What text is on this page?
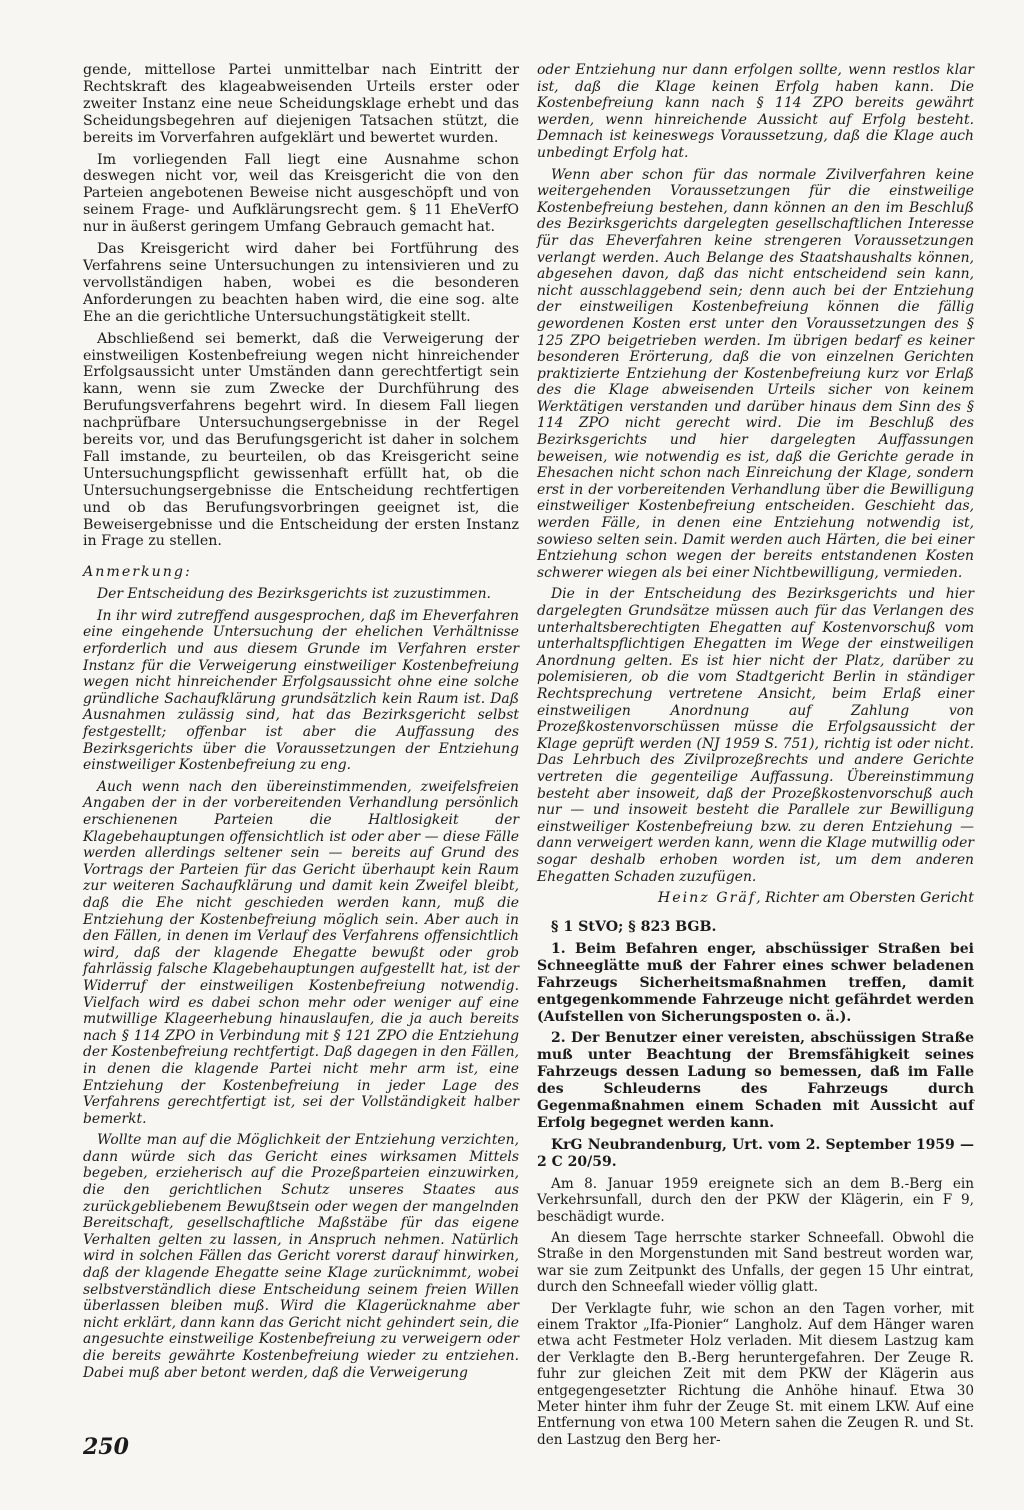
gende, mittellose Partei unmittelbar nach Eintritt der Rechtskraft des klageabweisenden Urteils erster oder zweiter Instanz eine neue Scheidungsklage erhebt und das Scheidungsbegehren auf diejenigen Tatsachen stützt, die bereits im Vorverfahren aufgeklärt und bewertet wurden.

Im vorliegenden Fall liegt eine Ausnahme schon deswegen nicht vor, weil das Kreisgericht die von den Parteien angebotenen Beweise nicht ausgeschöpft und von seinem Frage- und Aufklärungsrecht gem. § 11 EheVerfO nur in äußerst geringem Umfang Gebrauch gemacht hat.

Das Kreisgericht wird daher bei Fortführung des Verfahrens seine Untersuchungen zu intensivieren und zu vervollständigen haben, wobei es die besonderen Anforderungen zu beachten haben wird, die eine sog. alte Ehe an die gerichtliche Untersuchungstätigkeit stellt.

Abschließend sei bemerkt, daß die Verweigerung der einstweiligen Kostenbefreiung wegen nicht hinreichender Erfolgsaussicht unter Umständen dann gerechtfertigt sein kann, wenn sie zum Zwecke der Durchführung des Berufungsverfahrens begehrt wird. In diesem Fall liegen nachprüfbare Untersuchungsergebnisse in der Regel bereits vor, und das Berufungsgericht ist daher in solchem Fall imstande, zu beurteilen, ob das Kreisgericht seine Untersuchungspflicht gewissenhaft erfüllt hat, ob die Untersuchungsergebnisse die Entscheidung rechtfertigen und ob das Berufungsvorbringen geeignet ist, die Beweisergebnisse und die Entscheidung der ersten Instanz in Frage zu stellen.

Anmerkung:

Der Entscheidung des Bezirksgerichts ist zuzustimmen.

In ihr wird zutreffend ausgesprochen, daß im Eheverfahren eine eingehende Untersuchung der ehelichen Verhältnisse erforderlich und aus diesem Grunde im Verfahren erster Instanz für die Verweigerung einstweiliger Kostenbefreiung wegen nicht hinreichender Erfolgsaussicht ohne eine solche gründliche Sachaufklärung grundsätzlich kein Raum ist. Daß Ausnahmen zulässig sind, hat das Bezirksgericht selbst festgestellt; offenbar ist aber die Auffassung des Bezirksgerichts über die Voraussetzungen der Entziehung einstweiliger Kostenbefreiung zu eng.

Auch wenn nach den übereinstimmenden, zweifelsfreien Angaben der in der vorbereitenden Verhandlung persönlich erschienenen Parteien die Haltlosigkeit der Klagebehauptungen offensichtlich ist oder aber — diese Fälle werden allerdings seltener sein — bereits auf Grund des Vortrags der Parteien für das Gericht überhaupt kein Raum zur weiteren Sachaufklärung und damit kein Zweifel bleibt, daß die Ehe nicht geschieden werden kann, muß die Entziehung der Kostenbefreiung möglich sein. Aber auch in den Fällen, in denen im Verlauf des Verfahrens offensichtlich wird, daß der klagende Ehegatte bewußt oder grob fahrlässig falsche Klagebehauptungen aufgestellt hat, ist der Widerruf der einstweiligen Kostenbefreiung notwendig. Vielfach wird es dabei schon mehr oder weniger auf eine mutwillige Klageerhebung hinauslaufen, die ja auch bereits nach § 114 ZPO in Verbindung mit § 121 ZPO die Entziehung der Kostenbefreiung rechtfertigt. Daß dagegen in den Fällen, in denen die klagende Partei nicht mehr arm ist, eine Entziehung der Kostenbefreiung in jeder Lage des Verfahrens gerechtfertigt ist, sei der Vollständigkeit halber bemerkt.

Wollte man auf die Möglichkeit der Entziehung verzichten, dann würde sich das Gericht eines wirksamen Mittels begeben, erzieherisch auf die Prozeßparteien einzuwirken, die den gerichtlichen Schutz unseres Staates aus zurückgebliebenem Bewußtsein oder wegen der mangelnden Bereitschaft, gesellschaftliche Maßstäbe für das eigene Verhalten gelten zu lassen, in Anspruch nehmen. Natürlich wird in solchen Fällen das Gericht vorerst darauf hinwirken, daß der klagende Ehegatte seine Klage zurücknimmt, wobei selbstverständlich diese Entscheidung seinem freien Willen überlassen bleiben muß. Wird die Klagerücknahme aber nicht erklärt, dann kann das Gericht nicht gehindert sein, die angesuchte einstweilige Kostenbefreiung zu verweigern oder die bereits gewährte Kostenbefreiung wieder zu entziehen. Dabei muß aber betont werden, daß die Verweigerung

oder Entziehung nur dann erfolgen sollte, wenn restlos klar ist, daß die Klage keinen Erfolg haben kann. Die Kostenbefreiung kann nach § 114 ZPO bereits gewährt werden, wenn hinreichende Aussicht auf Erfolg besteht. Demnach ist keineswegs Voraussetzung, daß die Klage auch unbedingt Erfolg hat.

Wenn aber schon für das normale Zivilverfahren keine weitergehenden Voraussetzungen für die einstweilige Kostenbefreiung bestehen, dann können an den im Beschluß des Bezirksgerichts dargelegten gesellschaftlichen Interesse für das Eheverfahren keine strengeren Voraussetzungen verlangt werden. Auch Belange des Staatshaushalts können, abgesehen davon, daß das nicht entscheidend sein kann, nicht ausschlaggebend sein; denn auch bei der Entziehung der einstweiligen Kostenbefreiung können die fällig gewordenen Kosten erst unter den Voraussetzungen des § 125 ZPO beigetrieben werden. Im übrigen bedarf es keiner besonderen Erörterung, daß die von einzelnen Gerichten praktizierte Entziehung der Kostenbefreiung kurz vor Erlaß des die Klage abweisenden Urteils sicher von keinem Werktätigen verstanden und darüber hinaus dem Sinn des § 114 ZPO nicht gerecht wird. Die im Beschluß des Bezirksgerichts und hier dargelegten Auffassungen beweisen, wie notwendig es ist, daß die Gerichte gerade in Ehesachen nicht schon nach Einreichung der Klage, sondern erst in der vorbereitenden Verhandlung über die Bewilligung einstweiliger Kostenbefreiung entscheiden. Geschieht das, werden Fälle, in denen eine Entziehung notwendig ist, sowieso selten sein. Damit werden auch Härten, die bei einer Entziehung schon wegen der bereits entstandenen Kosten schwerer wiegen als bei einer Nichtbewilligung, vermieden.

Die in der Entscheidung des Bezirksgerichts und hier dargelegten Grundsätze müssen auch für das Verlangen des unterhaltsberechtigten Ehegatten auf Kostenvorschuß vom unterhaltspflichtigen Ehegatten im Wege der einstweiligen Anordnung gelten. Es ist hier nicht der Platz, darüber zu polemisieren, ob die vom Stadtgericht Berlin in ständiger Rechtsprechung vertretene Ansicht, beim Erlaß einer einstweiligen Anordnung auf Zahlung von Prozeßkostenvorschüssen müsse die Erfolgsaussicht der Klage geprüft werden (NJ 1959 S. 751), richtig ist oder nicht. Das Lehrbuch des Zivilprozeßrechts und andere Gerichte vertreten die gegenteilige Auffassung. Übereinstimmung besteht aber insoweit, daß der Prozeßkostenvorschuß auch nur — und insoweit besteht die Parallele zur Bewilligung einstweiliger Kostenbefreiung bzw. zu deren Entziehung — dann verweigert werden kann, wenn die Klage mutwillig oder sogar deshalb erhoben worden ist, um dem anderen Ehegatten Schaden zuzufügen.

Heinz Gräf, Richter am Obersten Gericht

§ 1 StVO; § 823 BGB.

1. Beim Befahren enger, abschüssiger Straßen bei Schneeglätte muß der Fahrer eines schwer beladenen Fahrzeugs Sicherheitsmaßnahmen treffen, damit entgegenkommende Fahrzeuge nicht gefährdet werden (Aufstellen von Sicherungsposten o. ä.).

2. Der Benutzer einer vereisten, abschüssigen Straße muß unter Beachtung der Bremsfähigkeit seines Fahrzeugs dessen Ladung so bemessen, daß im Falle des Schleuderns des Fahrzeugs durch Gegenmaßnahmen einem Schaden mit Aussicht auf Erfolg begegnet werden kann.

KrG Neubrandenburg, Urt. vom 2. September 1959 — 2 C 20/59.

Am 8. Januar 1959 ereignete sich an dem B.-Berg ein Verkehrsunfall, durch den der PKW der Klägerin, ein F 9, beschädigt wurde.

An diesem Tage herrschte starker Schneefall. Obwohl die Straße in den Morgenstunden mit Sand bestreut worden war, war sie zum Zeitpunkt des Unfalls, der gegen 15 Uhr eintrat, durch den Schneefall wieder völlig glatt.

Der Verklagte fuhr, wie schon an den Tagen vorher, mit einem Traktor „Ifa-Pionier“ Langholz. Auf dem Hänger waren etwa acht Festmeter Holz verladen. Mit diesem Lastzug kam der Verklagte den B.-Berg heruntergefahren. Der Zeuge R. fuhr zur gleichen Zeit mit dem PKW der Klägerin aus entgegengesetzter Richtung die Anhöhe hinauf. Etwa 30 Meter hinter ihm fuhr der Zeuge St. mit einem LKW. Auf eine Entfernung von etwa 100 Metern sahen die Zeugen R. und St. den Lastzug den Berg her-

250
